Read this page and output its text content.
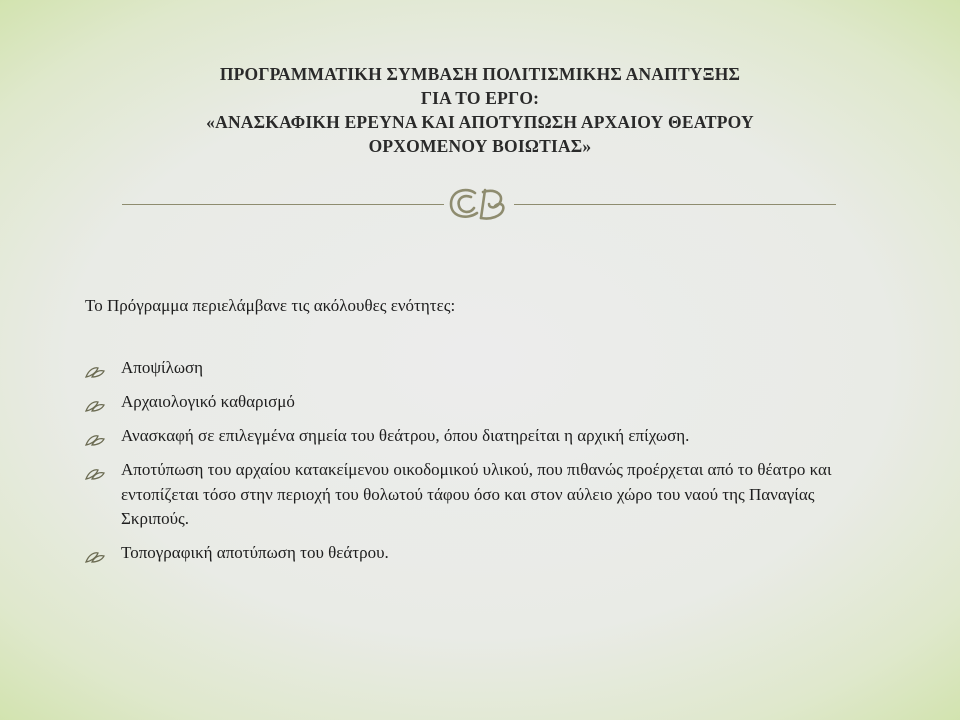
ΠΡΟΓΡΑΜΜΑΤΙΚΗ ΣΥΜΒΑΣΗ ΠΟΛΙΤΙΣΜΙΚΗΣ ΑΝΑΠΤΥΞΗΣ
ΓΙΑ ΤΟ ΕΡΓΟ:
«ΑΝΑΣΚΑΦΙΚΗ ΕΡΕΥΝΑ ΚΑΙ ΑΠΟΤΥΠΩΣΗ ΑΡΧΑΙΟΥ ΘΕΑΤΡΟΥ
ΟΡΧΟΜΕΝΟΥ ΒΟΙΩΤΙΑΣ»
Το Πρόγραμμα περιελάμβανε τις ακόλουθες ενότητες:
Αποψίλωση
Αρχαιολογικό καθαρισμό
Ανασκαφή σε επιλεγμένα σημεία του θεάτρου, όπου διατηρείται η αρχική επίχωση.
Αποτύπωση του αρχαίου κατακείμενου οικοδομικού υλικού, που πιθανώς προέρχεται από το θέατρο και εντοπίζεται τόσο στην περιοχή του θολωτού τάφου όσο και στον αύλειο χώρο του ναού της Παναγίας Σκριπούς.
Τοπογραφική αποτύπωση του θεάτρου.
